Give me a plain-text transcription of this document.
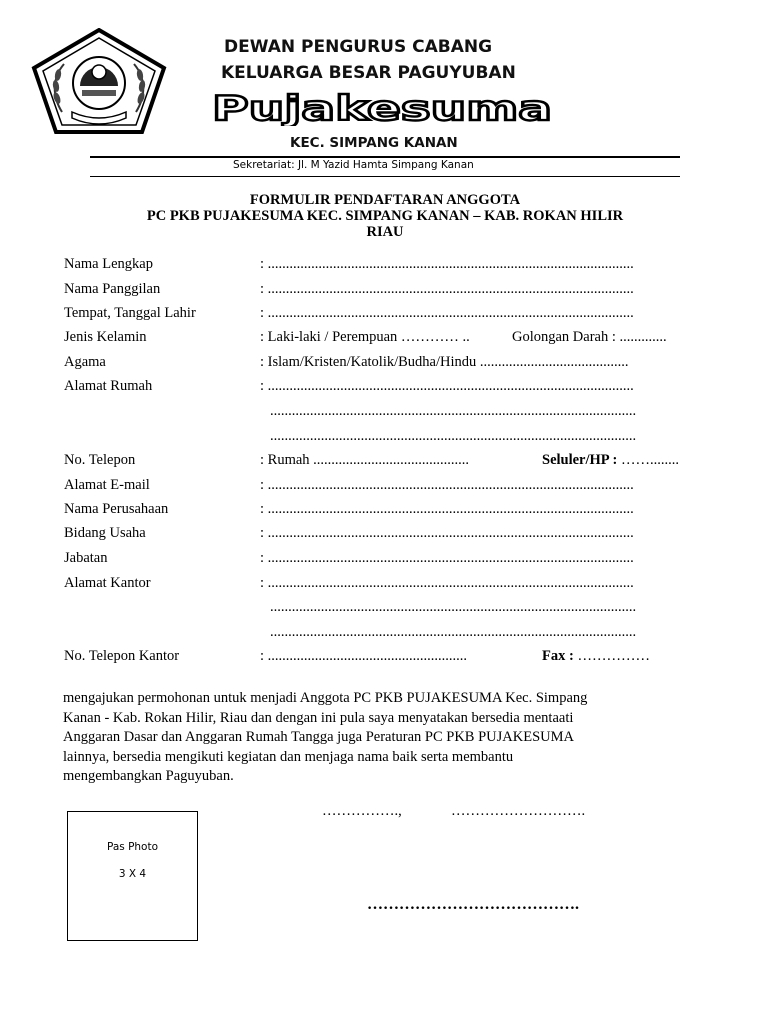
DEWAN PENGURUS CABANG
KELUARGA BESAR PAGUYUBAN
Pujakesuma
KEC. SIMPANG KANAN
Sekretariat: Jl. M Yazid Hamta Simpang Kanan
FORMULIR PENDAFTARAN ANGGOTA
PC PKB PUJAKESUMA KEC. SIMPANG KANAN – KAB. ROKAN HILIR
RIAU
Nama Lengkap	: .....................................................................................................
Nama Panggilan	: .....................................................................................................
Tempat, Tanggal Lahir	: .....................................................................................................
Jenis Kelamin	: Laki-laki / Perempuan ………… ..	Golongan Darah : .............
Agama	: Islam/Kristen/Katolik/Budha/Hindu .........................................
Alamat Rumah	: .....................................................................................................
.....................................................................................................
.....................................................................................................
No. Telepon	: Rumah ...........................................	Seluler/HP : ……........
Alamat E-mail	: .....................................................................................................
Nama Perusahaan	: .....................................................................................................
Bidang Usaha	: .....................................................................................................
Jabatan	: .....................................................................................................
Alamat Kantor	: .....................................................................................................
.....................................................................................................
.....................................................................................................
No. Telepon Kantor	: .......................................................	Fax : ……………
mengajukan permohonan untuk menjadi Anggota PC PKB PUJAKESUMA Kec. Simpang
Kanan - Kab. Rokan Hilir, Riau dan dengan ini pula saya menyatakan bersedia mentaati
Anggaran Dasar dan Anggaran Rumah Tangga juga Peraturan PC PKB PUJAKESUMA
lainnya, bersedia mengikuti kegiatan dan menjaga nama baik serta membantu
mengembangkan Paguyuban.
Pas Photo
3 X 4
…………….,	……………………….
………………………………….
